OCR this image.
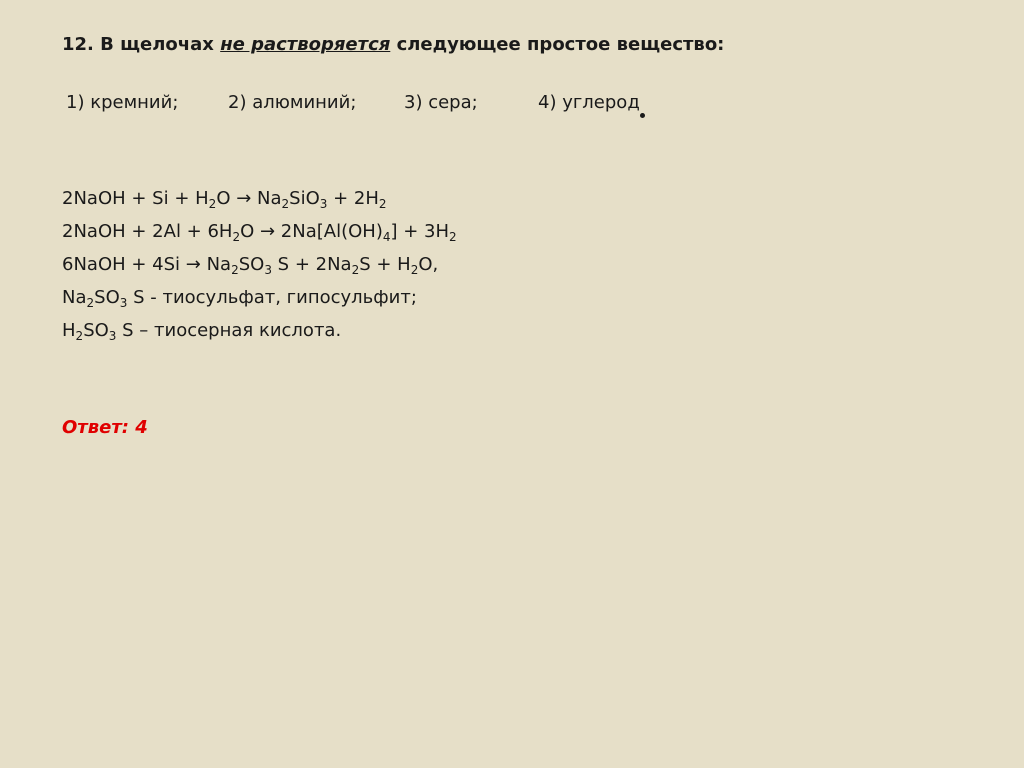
12. В щелочах не растворяется следующее простое вещество:
1) кремний;	2) алюминий;	3) сера;	4) углерод
2NaOH + $Si + H_2O \to Na_2SiO_3 + 2H_2$
2NaOH + $2Al + 6H_2O \to 2Na[Al(OH)_4] + 3H_2$
6NaOH + $4Si \to Na_2SO_3$ $S + 2Na_2S + H_2O$,
$Na_2SO_3$ S - тиосульфат, гипосульфит;
$H_2SO_3$ S – тиосерная кислота.
Ответ: 4
